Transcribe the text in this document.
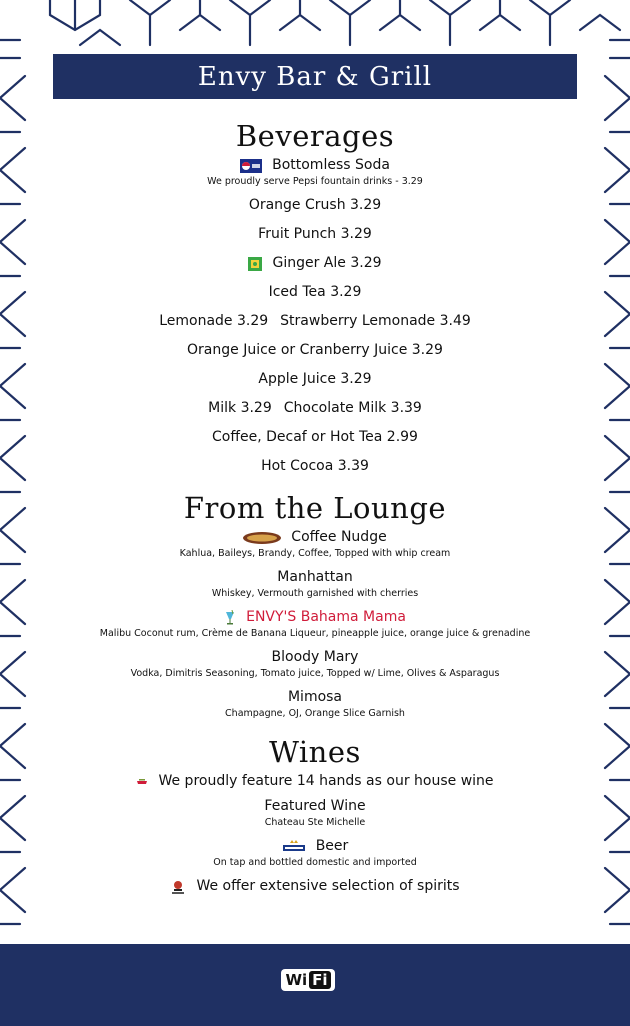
Envy Bar & Grill
Beverages
Bottomless Soda
We proudly serve Pepsi fountain drinks - 3.29
Orange Crush 3.29
Fruit Punch 3.29
Ginger Ale 3.29
Iced Tea 3.29
Lemonade 3.29 Strawberry Lemonade 3.49
Orange Juice or Cranberry Juice 3.29
Apple Juice 3.29
Milk 3.29 Chocolate Milk 3.39
Coffee, Decaf or Hot Tea 2.99
Hot Cocoa 3.39
From the Lounge
Coffee Nudge
Kahlua, Baileys, Brandy, Coffee, Topped with whip cream
Manhattan
Whiskey, Vermouth garnished with cherries
ENVY'S Bahama Mama
Malibu Coconut rum, Crème de Banana Liqueur, pineapple juice, orange juice & grenadine
Bloody Mary
Vodka, Dimitris Seasoning, Tomato juice, Topped w/ Lime, Olives & Asparagus
Mimosa
Champagne, OJ, Orange Slice Garnish
Wines
We proudly feature 14 hands as our house wine
Featured Wine
Chateau Ste Michelle
Beer
On tap and bottled domestic and imported
We offer extensive selection of spirits
Wi Fi
